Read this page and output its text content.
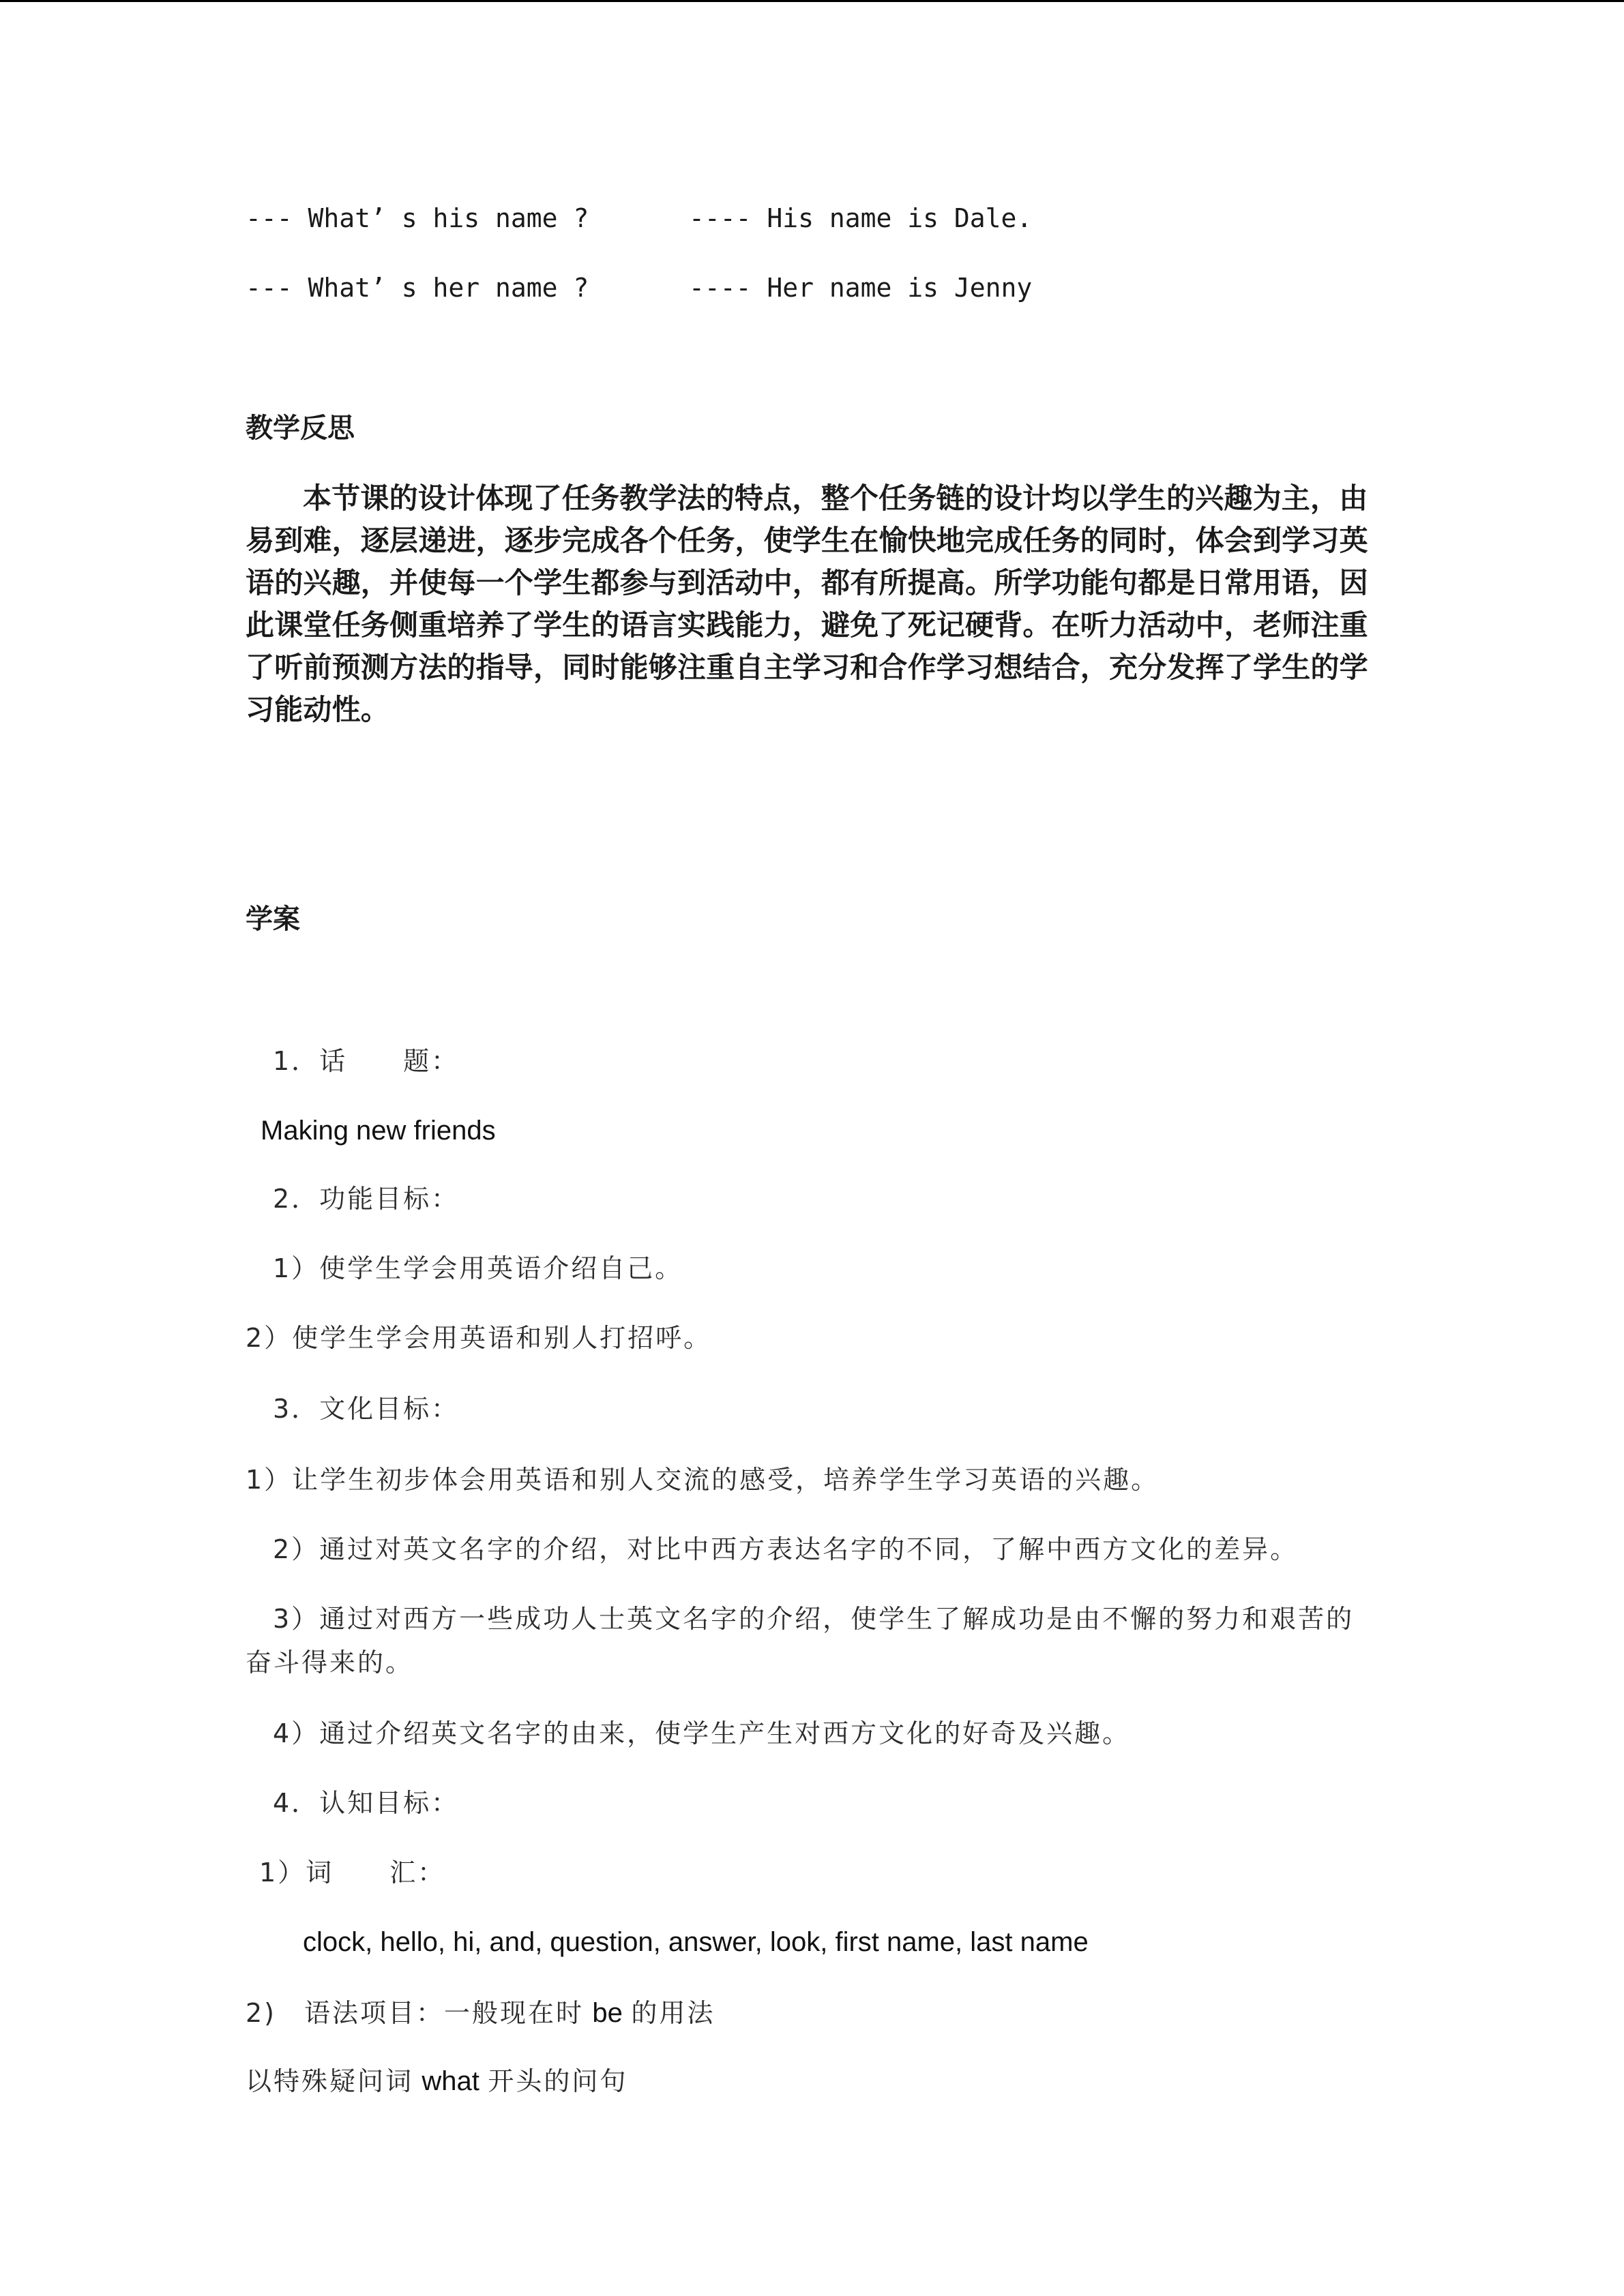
--- What’ s his name ?	---- His name is Dale.
--- What’ s her name ?	---- Her name is Jenny
教学反思
本节课的设计体现了任务教学法的特点，整个任务链的设计均以学生的兴趣为主，由
易到难，逐层递进，逐步完成各个任务，使学生在愉快地完成任务的同时，体会到学习英
语的兴趣，并使每一个学生都参与到活动中，都有所提高。所学功能句都是日常用语，因
此课堂任务侧重培养了学生的语言实践能力，避免了死记硬背。在听力活动中，老师注重
了听前预测方法的指导，同时能够注重自主学习和合作学习想结合，充分发挥了学生的学
习能动性。
学案
1．话　　题：
Making new friends
2．功能目标：
1）使学生学会用英语介绍自己。
2）使学生学会用英语和别人打招呼。
3．文化目标：
1）让学生初步体会用英语和别人交流的感受，培养学生学习英语的兴趣。
2）通过对英文名字的介绍，对比中西方表达名字的不同，了解中西方文化的差异。
3）通过对西方一些成功人士英文名字的介绍，使学生了解成功是由不懈的努力和艰苦的
奋斗得来的。
4）通过介绍英文名字的由来，使学生产生对西方文化的好奇及兴趣。
4．认知目标：
1）词　　汇：
clock, hello, hi, and, question, answer, look, first name, last name
2)　语法项目：一般现在时 be 的用法
以特殊疑问词 what 开头的问句
